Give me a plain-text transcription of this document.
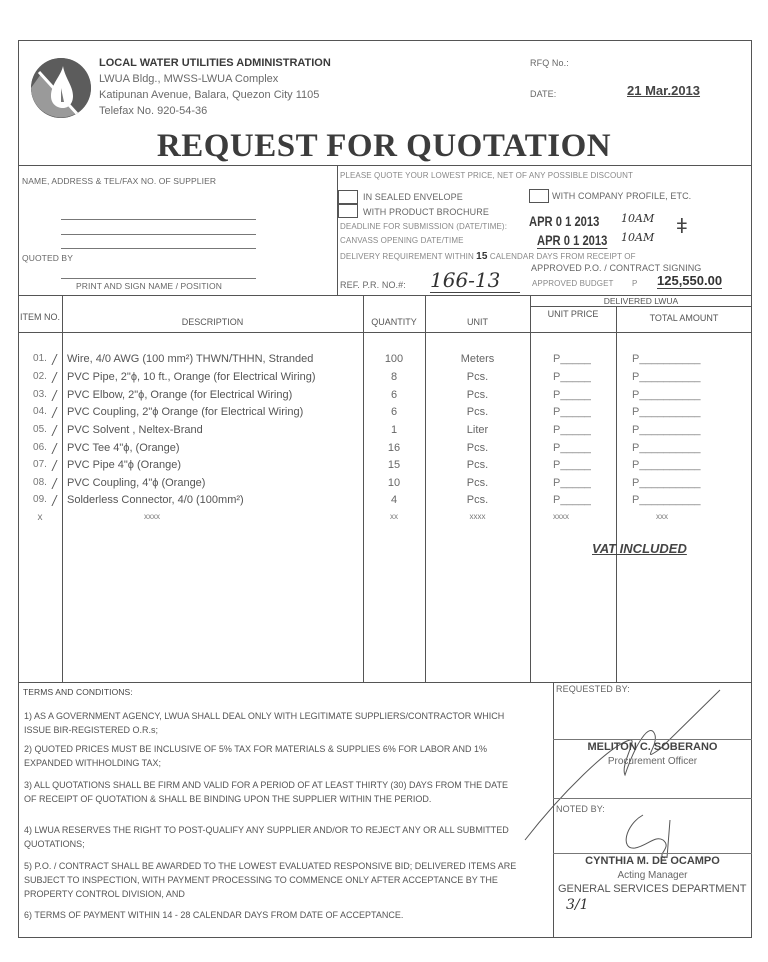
LOCAL WATER UTILITIES ADMINISTRATION
LWUA Bldg., MWSS-LWUA Complex
Katipunan Avenue, Balara, Quezon City 1105
Telefax No. 920-54-36
RFQ No.:
DATE:	21 Mar.2013
REQUEST FOR QUOTATION
NAME, ADDRESS & TEL/FAX NO. OF SUPPLIER
QUOTED BY
PRINT AND SIGN NAME / POSITION
PLEASE QUOTE YOUR LOWEST PRICE, NET OF ANY POSSIBLE DISCOUNT
IN SEALED ENVELOPE
WITH PRODUCT BROCHURE
WITH COMPANY PROFILE, ETC.
DEADLINE FOR SUBMISSION (DATE/TIME): APR 0 1 2013 10AM
CANVASS OPENING DATE/TIME	APR 0 1 2013 10AM ǂ
DELIVERY REQUIREMENT WITHIN 15 CALENDAR DAYS FROM RECEIPT OF
APPROVED P.O. / CONTRACT SIGNING
REF. P.R. NO.#: 166-13	APPROVED BUDGET P 125,550.00
DELIVERED LWUA
ITEM NO.	DESCRIPTION	QUANTITY	UNIT
UNIT PRICE	TOTAL AMOUNT
01.	Wire, 4/0 AWG (100 mm²) THWN/THHN, Stranded	100	Meters	P_____	P__________
02.	PVC Pipe, 2"ϕ, 10 ft., Orange (for Electrical Wiring)	8	Pcs.	P_____	P__________
03.	PVC Elbow, 2"ϕ, Orange (for Electrical Wiring)	6	Pcs.	P_____	P__________
04.	PVC Coupling, 2"ϕ Orange (for Electrical Wiring)	6	Pcs.	P_____	P__________
05.	PVC Solvent , Neltex-Brand	1	Liter	P_____	P__________
06.	PVC Tee 4"ϕ, (Orange)	16	Pcs.	P_____	P__________
07.	PVC Pipe 4"ϕ (Orange)	15	Pcs.	P_____	P__________
08.	PVC Coupling, 4"ϕ (Orange)	10	Pcs.	P_____	P__________
09.	Solderless Connector, 4/0 (100mm²)	4	Pcs.	P_____	P__________
x	xxxx	xx	xxxx	xxxx	xxx
VAT INCLUDED
TERMS AND CONDITIONS:
1) AS A GOVERNMENT AGENCY, LWUA SHALL DEAL ONLY WITH LEGITIMATE SUPPLIERS/CONTRACTOR WHICH ISSUE BIR-REGISTERED O.R.s;
2) QUOTED PRICES MUST BE INCLUSIVE OF 5% TAX FOR MATERIALS & SUPPLIES 6% FOR LABOR AND 1% EXPANDED WITHHOLDING TAX;
3) ALL QUOTATIONS SHALL BE FIRM AND VALID FOR A PERIOD OF AT LEAST THIRTY (30) DAYS FROM THE DATE OF RECEIPT OF QUOTATION & SHALL BE BINDING UPON THE SUPPLIER WITHIN THE PERIOD.
4) LWUA RESERVES THE RIGHT TO POST-QUALIFY ANY SUPPLIER AND/OR TO REJECT ANY OR ALL SUBMITTED QUOTATIONS;
5) P.O. / CONTRACT SHALL BE AWARDED TO THE LOWEST EVALUATED RESPONSIVE BID; DELIVERED ITEMS ARE SUBJECT TO INSPECTION, WITH PAYMENT PROCESSING TO COMMENCE ONLY AFTER ACCEPTANCE BY THE PROPERTY CONTROL DIVISION, AND
6) TERMS OF PAYMENT WITHIN 14 - 28 CALENDAR DAYS FROM DATE OF ACCEPTANCE.
REQUESTED BY:
MELITON C. SOBERANO
Procurement Officer
NOTED BY:
CYNTHIA M. DE OCAMPO
Acting Manager
GENERAL SERVICES DEPARTMENT
3/1
